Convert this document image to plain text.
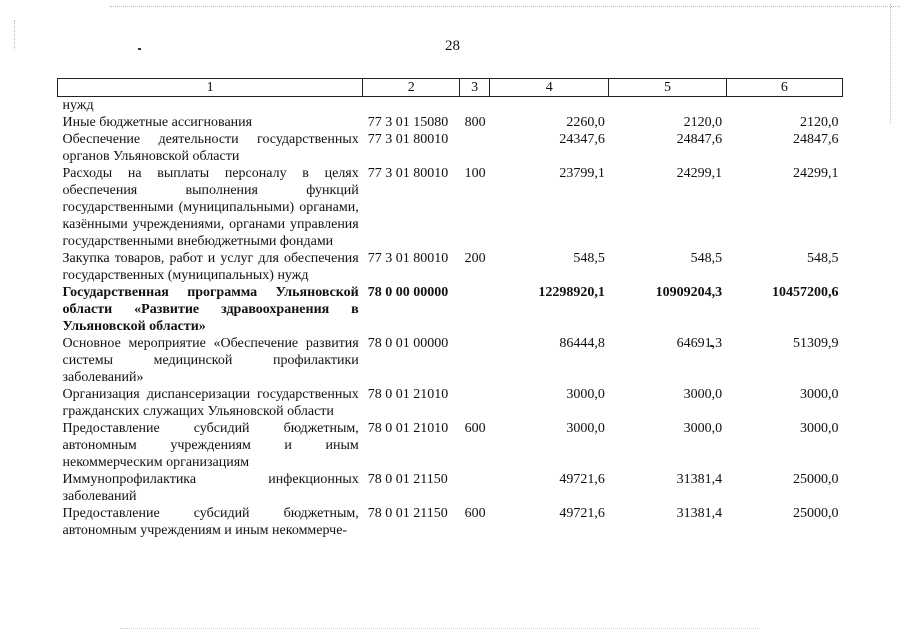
28
1	2	3	4	5	6
нужд					
Иные бюджетные ассигнования	77 3 01 15080	800	2260,0	2120,0	2120,0
Обеспечение деятельности государственных органов Ульяновской области	77 3 01 80010		24347,6	24847,6	24847,6
Расходы на выплаты персоналу в целях обеспечения выполнения функций государственными (муниципальными) органами, казёнными учреждениями, органами управления государственными внебюджетными фондами	77 3 01 80010	100	23799,1	24299,1	24299,1
Закупка товаров, работ и услуг для обеспечения государственных (муниципальных) нужд	77 3 01 80010	200	548,5	548,5	548,5
Государственная программа Ульяновской области «Развитие здравоохранения в Ульяновской области»	78 0 00 00000		12298920,1	10909204,3	10457200,6
Основное мероприятие «Обеспечение развития системы медицинской профилактики заболеваний»	78 0 01 00000		86444,8	64691,3	51309,9
Организация диспансеризации государственных гражданских служащих Ульяновской области	78 0 01 21010		3000,0	3000,0	3000,0
Предоставление субсидий бюджетным, автономным учреждениям и иным некоммерческим организациям	78 0 01 21010	600	3000,0	3000,0	3000,0
Иммунопрофилактика инфекционных заболеваний	78 0 01 21150		49721,6	31381,4	25000,0
Предоставление субсидий бюджетным, автономным учреждениям и иным некоммерче-	78 0 01 21150	600	49721,6	31381,4	25000,0
